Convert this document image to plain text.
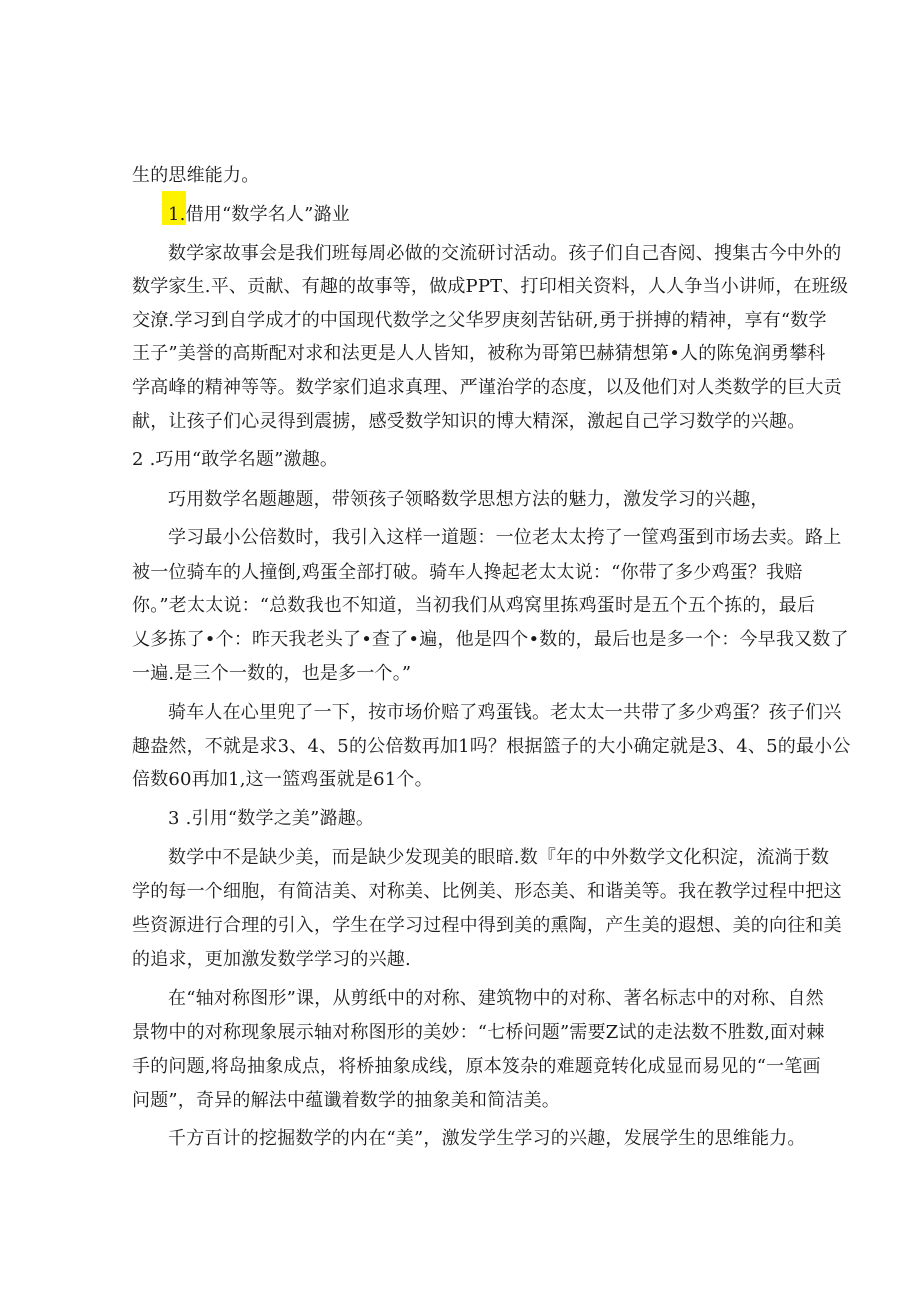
生的思维能力。
1.借用“数学名人”潞业
数学家故事会是我们班每周必做的交流研讨活动。孩子们自己杳阅、搜集古今中外的
数学家生.平、贡献、有趣的故事等，做成PPT、打印相关资料，人人争当小讲师，在班级
交潦.学习到自学成才的中国现代数学之父华罗庚刻苦钻研,勇于拼搏的精神，享有“数学
王子”美誉的高斯配对求和法更是人人皆知，被称为哥第巴赫猜想第•人的陈兔润勇攀科
学高峰的精神等等。数学家们追求真理、严谨治学的态度，以及他们对人类数学的巨大贡
献，让孩子们心灵得到震掳，感受数学知识的博大精深，激起自己学习数学的兴趣。
2 .巧用“敢学名题”激趣。
巧用数学名题趣题，带领孩子领略数学思想方法的魅力，激发学习的兴趣，
学习最小公倍数时，我引入这样一道题：一位老太太挎了一筐鸡蛋到市场去卖。路上
被一位骑车的人撞倒,鸡蛋全部打破。骑车人搀起老太太说：“你带了多少鸡蛋？我赔
你。”老太太说：“总数我也不知道，当初我们从鸡窝里拣鸡蛋时是五个五个拣的，最后
乂多拣了•个：昨天我老头了•查了•遍，他是四个•数的，最后也是多一个：今早我又数了
一遍.是三个一数的，也是多一个。”
骑车人在心里兜了一下，按市场价赔了鸡蛋钱。老太太一共带了多少鸡蛋？孩子们兴
趣盎然，不就是求3、4、5的公倍数再加1吗？根据篮子的大小确定就是3、4、5的最小公
倍数60再加1,这一篮鸡蛋就是61个。
3 .引用“数学之美”潞趣。
数学中不是缺少美，而是缺少发现美的眼暗.数『年的中外数学文化积淀，流淌于数
学的每一个细胞，有简洁美、对称美、比例美、形态美、和谐美等。我在教学过程中把这
些资源进行合理的引入，学生在学习过程中得到美的熏陶，产生美的遐想、美的向往和美
的追求，更加激发数学学习的兴趣.
在“轴对称图形”课，从剪纸中的对称、建筑物中的对称、著名标志中的对称、自然
景物中的对称现象展示轴对称图形的美妙：“七桥问题”需要Z试的走法数不胜数,面对棘
手的问题,将岛抽象成点，将桥抽象成线，原本笈杂的难题竟转化成显而易见的“一笔画
问题”，奇异的解法中蕴谶着数学的抽象美和简洁美。
千方百计的挖掘数学的内在“美”，激发学生学习的兴趣，发展学生的思维能力。
